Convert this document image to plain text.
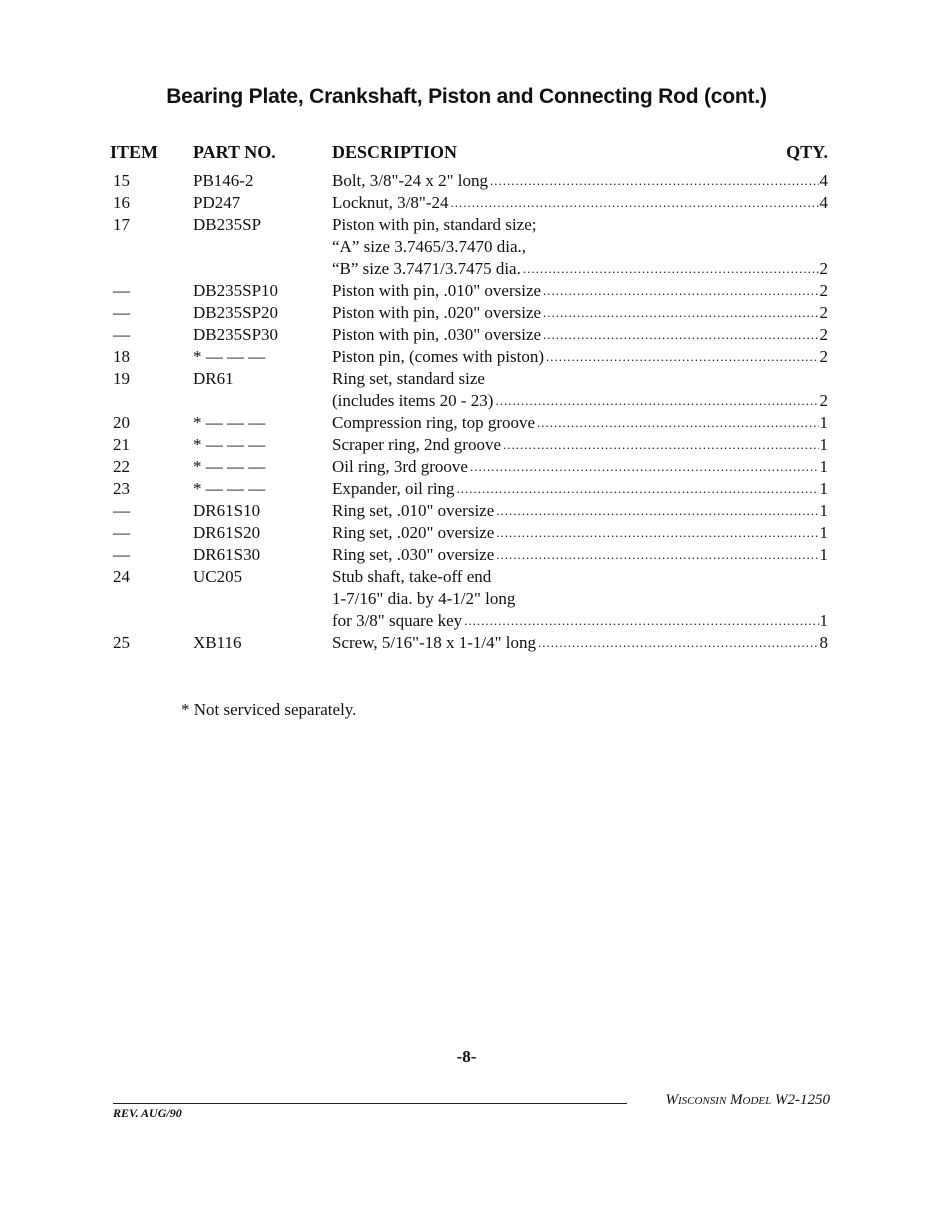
Bearing Plate, Crankshaft, Piston and Connecting Rod (cont.)
ITEM PART NO.	DESCRIPTION	QTY.
15	PB146-2	Bolt, 3/8"-24 x 2" long .....	4
16	PD247	Locknut, 3/8"-24 .....	4
17	DB235SP	Piston with pin, standard size;
“A” size 3.7465/3.7470 dia.,
“B” size 3.7471/3.7475 dia. .....	2
—	DB235SP10	Piston with pin, .010" oversize .....	2
—	DB235SP20	Piston with pin, .020" oversize .....	2
—	DB235SP30	Piston with pin, .030" oversize .....	2
18	* — — —	Piston pin, (comes with piston) .....	2
19	DR61	Ring set, standard size
(includes items 20 - 23) .....	2
20	* — — —	Compression ring, top groove .....	1
21	* — — —	Scraper ring, 2nd groove .....	1
22	* — — —	Oil ring, 3rd groove .....	1
23	* — — —	Expander, oil ring .....	1
—	DR61S10	Ring set, .010" oversize .....	1
—	DR61S20	Ring set, .020" oversize .....	1
—	DR61S30	Ring set, .030" oversize .....	1
24	UC205	Stub shaft, take-off end
1-7/16" dia. by 4-1/2" long
for 3/8" square key .....	1
25	XB116	Screw, 5/16"-18 x 1-1/4" long .....	8
* Not serviced separately.
-8-
REV. AUG/90
Wisconsin Model W2-1250
